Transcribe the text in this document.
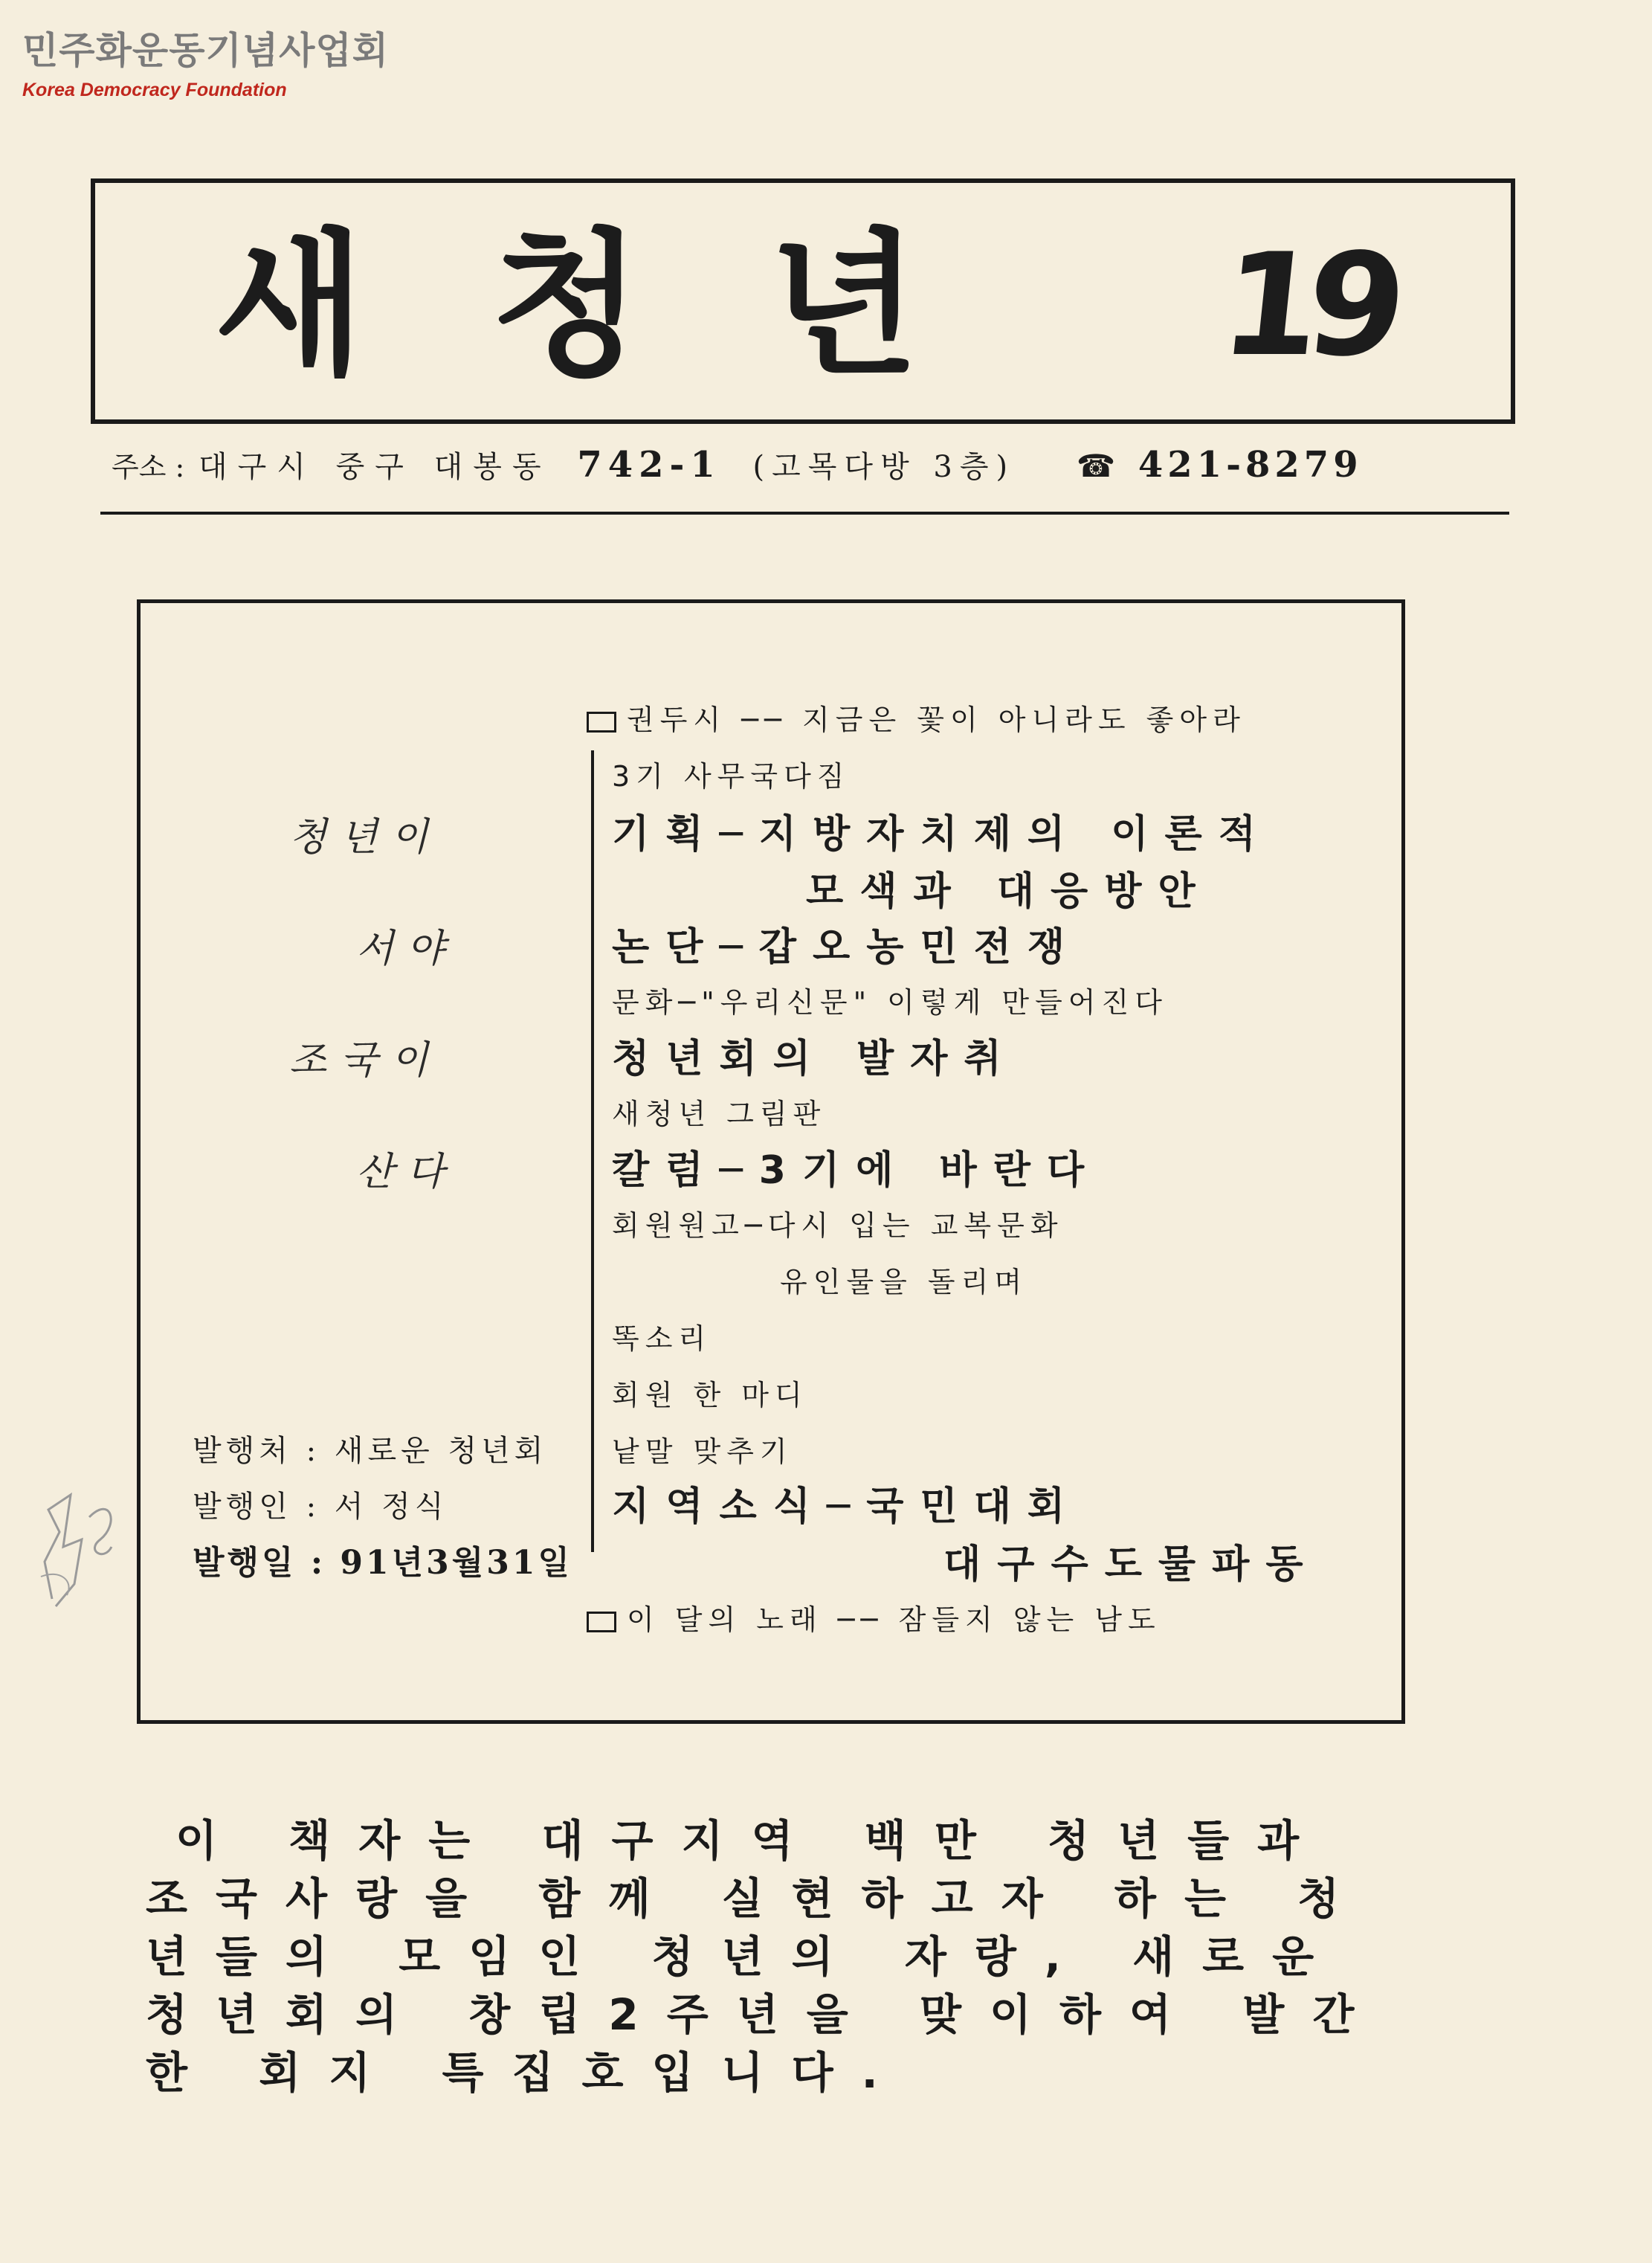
민주화운동기념사업회
Korea Democracy Foundation
새청년 19
주소 : 대구시 중구 대봉동 742-1 (고목다방 3층) ☎ 421-8279
청년이
서야
조국이
산다
발행처 : 새로운 청년회
발행인 : 서 정식
발행일 : 91년3월31일
권두시 ── 지금은 꽃이 아니라도 좋아라
3기 사무국다짐
기획─지방자치제의 이론적
모색과 대응방안
논단─갑오농민전쟁
문화─"우리신문" 이렇게 만들어진다
청년회의 발자취
새청년 그림판
칼럼─3기에 바란다
회원원고─다시 입는 교복문화
유인물을 돌리며
똑소리
회원 한 마디
낱말 맞추기
지역소식─국민대회
대구수도물파동
이 달의 노래 ── 잠들지 않는 남도

이 책자는 대구지역 백만 청년들과

조국사랑을 함께 실현하고자 하는 청

년들의 모임인 청년의 자랑, 새로운

청년회의 창립2주년을 맞이하여 발간

한 회지 특집호입니다.
